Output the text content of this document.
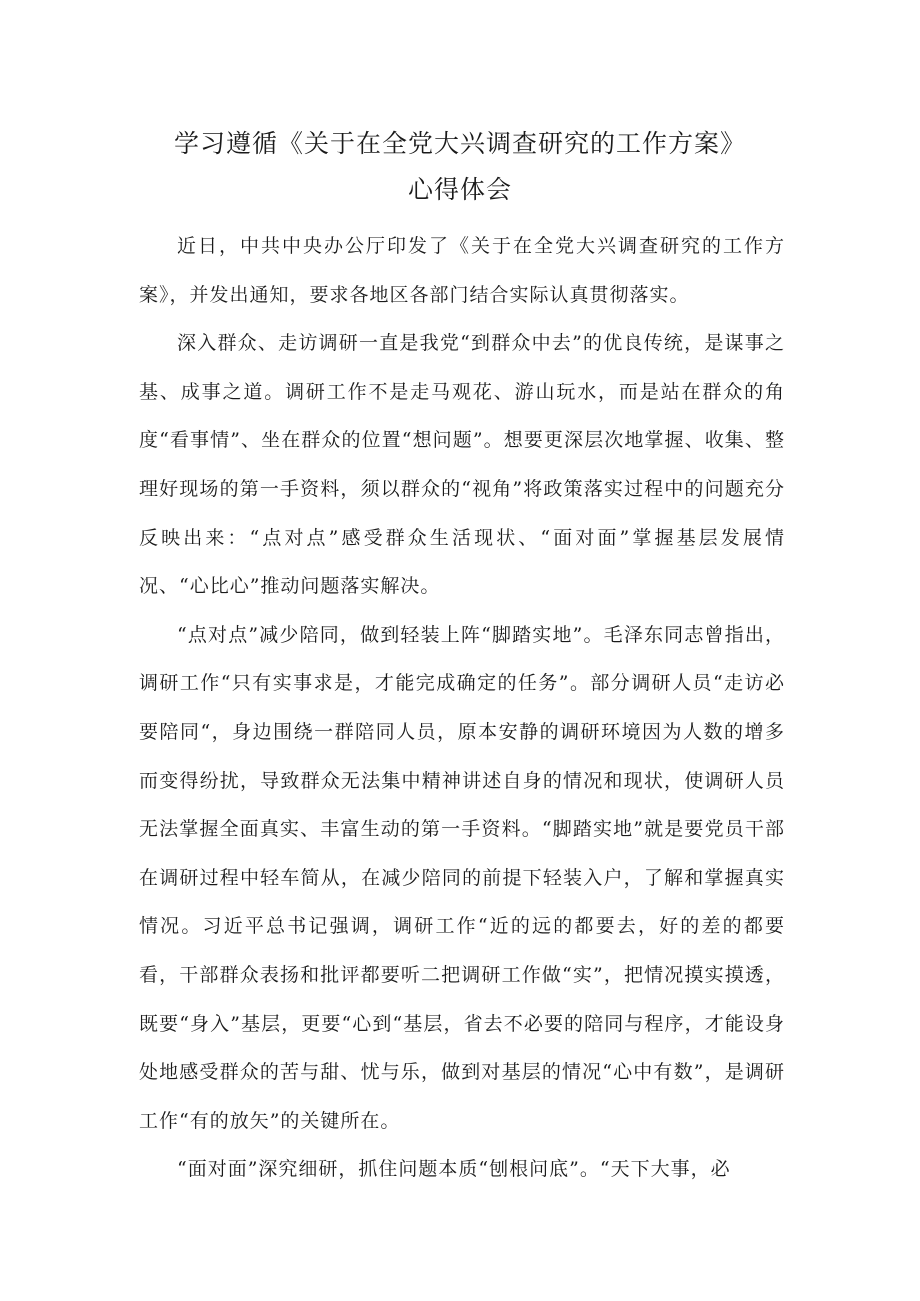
学习遵循《关于在全党大兴调查研究的工作方案》
心得体会

近日，中共中央办公厅印发了《关于在全党大兴调查研究的工作方案》，并发出通知，要求各地区各部门结合实际认真贯彻落实。

深入群众、走访调研一直是我党“到群众中去”的优良传统，是谋事之基、成事之道。调研工作不是走马观花、游山玩水，而是站在群众的角度“看事情”、坐在群众的位置“想问题”。想要更深层次地掌握、收集、整理好现场的第一手资料，须以群众的“视角”将政策落实过程中的问题充分反映出来：“点对点”感受群众生活现状、“面对面”掌握基层发展情况、“心比心”推动问题落实解决。

“点对点”减少陪同，做到轻装上阵“脚踏实地”。毛泽东同志曾指出，调研工作“只有实事求是，才能完成确定的任务”。部分调研人员“走访必要陪同“，身边围绕一群陪同人员，原本安静的调研环境因为人数的增多而变得纷扰，导致群众无法集中精神讲述自身的情况和现状，使调研人员无法掌握全面真实、丰富生动的第一手资料。“脚踏实地”就是要党员干部在调研过程中轻车简从，在减少陪同的前提下轻装入户，了解和掌握真实情况。习近平总书记强调，调研工作“近的远的都要去，好的差的都要看，干部群众表扬和批评都要听二把调研工作做“实”，把情况摸实摸透，既要“身入”基层，更要“心到“基层，省去不必要的陪同与程序，才能设身处地感受群众的苦与甜、忧与乐，做到对基层的情况“心中有数”，是调研工作“有的放矢”的关键所在。

“面对面”深究细研，抓住问题本质“刨根问底”。“天下大事，必
